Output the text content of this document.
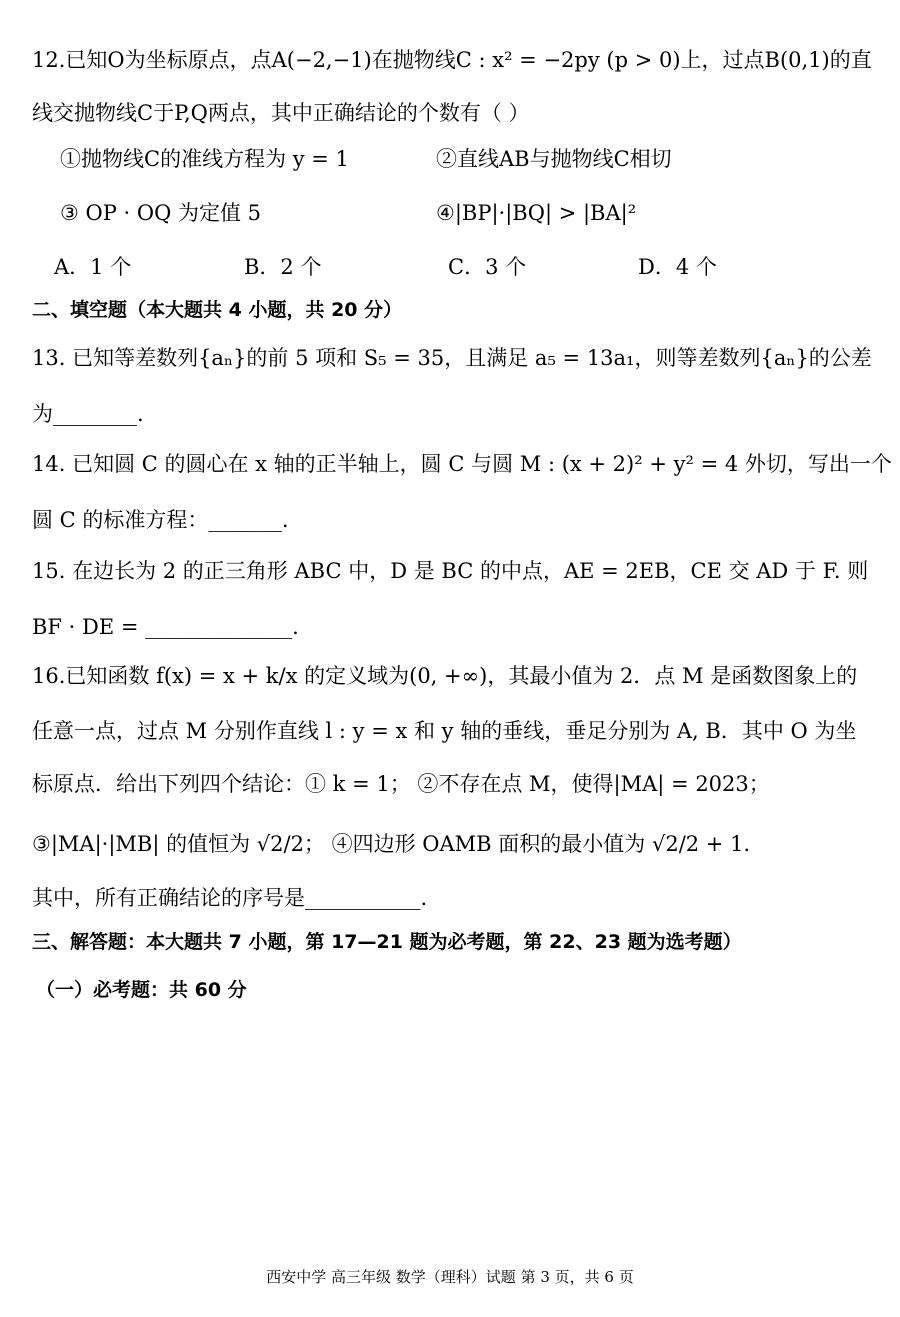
12.已知O为坐标原点，点A(−2,−1)在抛物线C : x² = −2py (p > 0)上，过点B(0,1)的直
线交抛物线C于P,Q两点，其中正确结论的个数有（ ）
①抛物线C的准线方程为 y = 1	②直线AB与抛物线C相切
③ OP · OQ 为定值 5	④|BP|·|BQ| > |BA|²
A．1 个	B．2 个	C．3 个	D．4 个
二、填空题（本大题共 4 小题，共 20 分）
13. 已知等差数列{aₙ}的前 5 项和 S₅ = 35，且满足 a₅ = 13a₁，则等差数列{aₙ}的公差
为________.
14. 已知圆 C 的圆心在 x 轴的正半轴上，圆 C 与圆 M : (x + 2)² + y² = 4 外切，写出一个
圆 C 的标准方程：_______.
15. 在边长为 2 的正三角形 ABC 中，D 是 BC 的中点，AE = 2EB，CE 交 AD 于 F. 则
BF · DE = ______________.
16.已知函数 f(x) = x + k/x 的定义域为(0, +∞)，其最小值为 2．点 M 是函数图象上的
任意一点，过点 M 分别作直线 l : y = x 和 y 轴的垂线，垂足分别为 A, B．其中 O 为坐
标原点．给出下列四个结论：① k = 1； ②不存在点 M，使得|MA| = 2023；
③|MA|·|MB| 的值恒为 √2/2； ④四边形 OAMB 面积的最小值为 √2/2 + 1.
其中，所有正确结论的序号是___________.
三、解答题：本大题共 7 小题，第 17—21 题为必考题，第 22、23 题为选考题）
（一）必考题：共 60 分
西安中学 高三年级 数学（理科）试题 第 3 页，共 6 页
